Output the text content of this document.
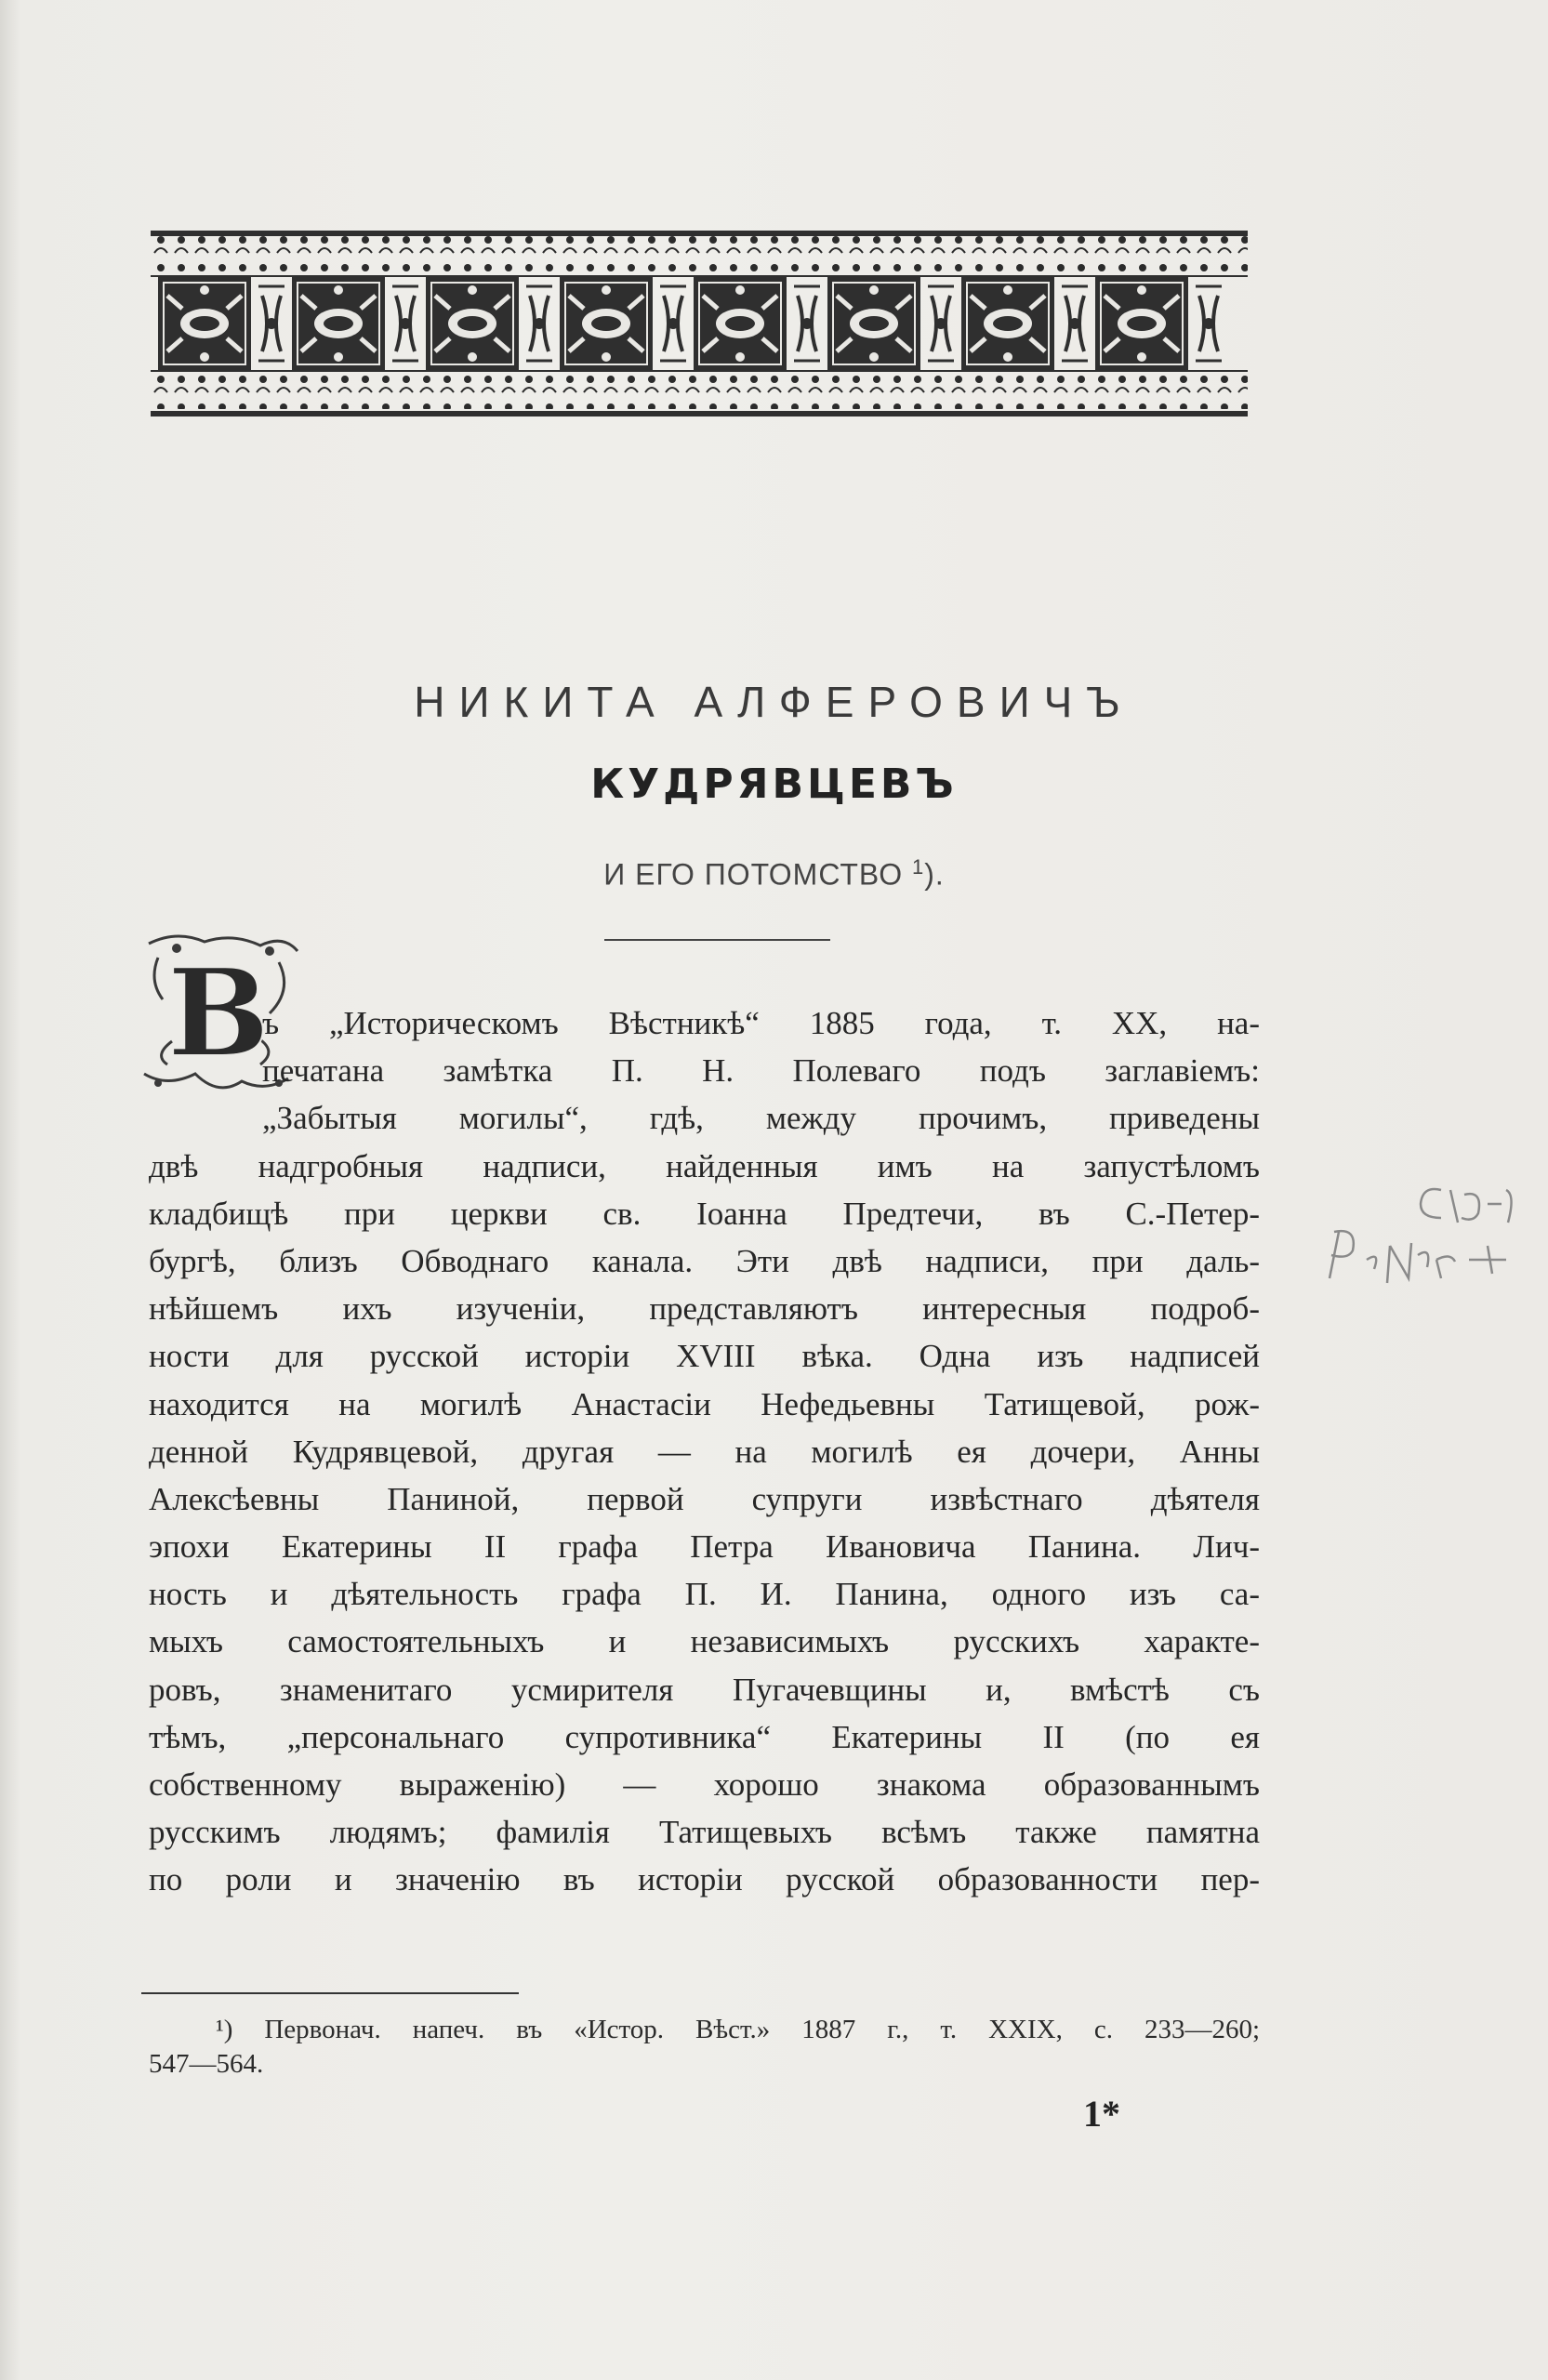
НИКИТА АЛФЕРОВИЧЪ
КУДРЯВЦЕВЪ
И ЕГО ПОТОМСТВО $^1$).
В
ъ „Историческомъ Вѣстникѣ“ 1885 года, т. XX, на-
печатана замѣтка П. Н. Полеваго подъ заглавіемъ:
„Забытыя могилы“, гдѣ, между прочимъ, приведены
двѣ надгробныя надписи, найденныя имъ на запустѣломъ
кладбищѣ при церкви св. Іоанна Предтечи, въ С.-Петер-
бургѣ, близъ Обводнаго канала. Эти двѣ надписи, при даль-
нѣйшемъ ихъ изученіи, представляютъ интересныя подроб-
ности для русской исторіи XVIII вѣка. Одна изъ надписей
находится на могилѣ Анастасіи Нефедьевны Татищевой, рож-
денной Кудрявцевой, другая — на могилѣ ея дочери, Анны
Алексѣевны Паниной, первой супруги извѣстнаго дѣятеля
эпохи Екатерины II графа Петра Ивановича Панина. Лич-
ность и дѣятельность графа П. И. Панина, одного изъ са-
мыхъ самостоятельныхъ и независимыхъ русскихъ характе-
ровъ, знаменитаго усмирителя Пугачевщины и, вмѣстѣ съ
тѣмъ, „персональнаго супротивника“ Екатерины II (по ея
собственному выраженію) — хорошо знакома образованнымъ
русскимъ людямъ; фамилія Татищевыхъ всѣмъ также памятна
по роли и значенію въ исторіи русской образованности пер-
¹) Первонач. напеч. въ «Истор. Вѣст.» 1887 г., т. XXIX, с. 233—260;
547—564.
1*
